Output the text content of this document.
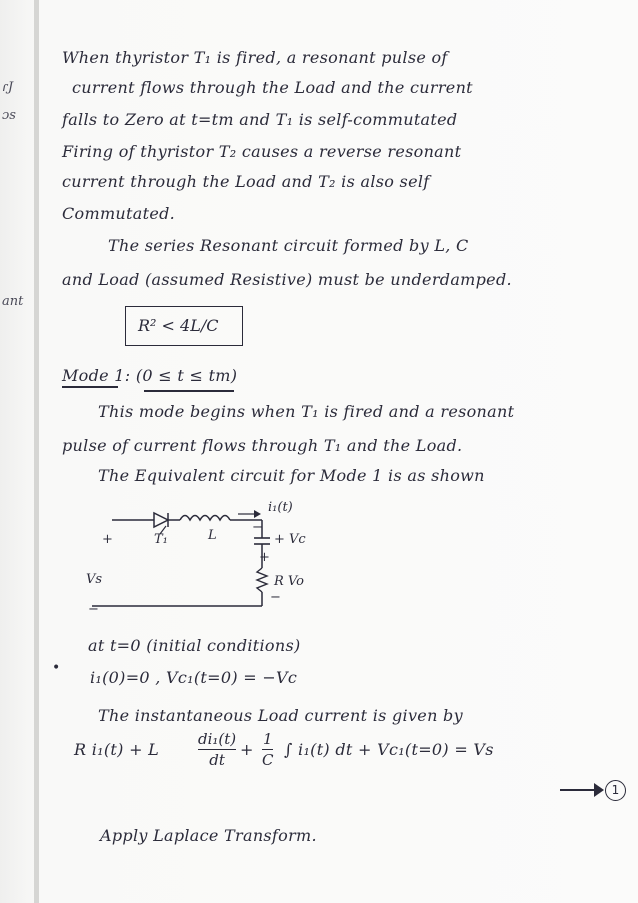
ɾJ
ɔs
ant
When thyristor T₁ is fired, a resonant pulse of
current flows through the Load and the current
falls to Zero at t=tm and T₁ is self-commutated
Firing of thyristor T₂ causes a reverse resonant
current through the Load and T₂ is also self
Commutated.
The series Resonant circuit formed by L, C
and Load (assumed Resistive) must be underdamped.
R² < 4L/C
Mode 1: (0 ≤ t ≤ tm)
This mode begins when T₁ is fired and a resonant
pulse of current flows through T₁ and the Load.
The Equivalent circuit for Mode 1 is as shown
i₁(t)
+	T₁	L
−
+ Vc
+
R Vo
−
Vs
−
at t=0 (initial conditions)
• i₁(0)=0 , Vc₁(t=0) = −Vc
The instantaneous Load current is given by
R i₁(t) + L
di₁(t)
dt
+
1
C
∫ i₁(t) dt + Vc₁(t=0) = Vs
1
Apply Laplace Transform.
